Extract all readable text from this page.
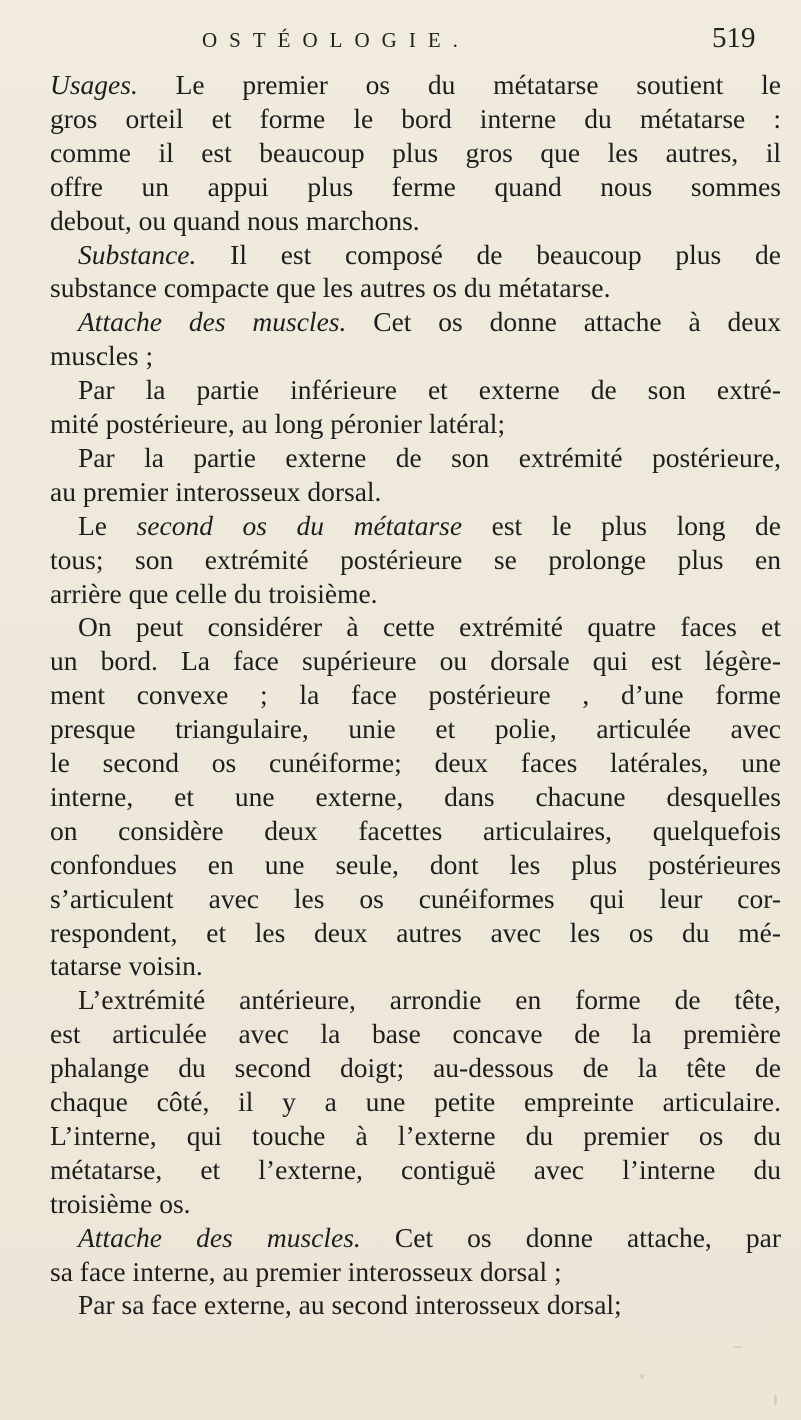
OSTÉOLOGIE.	519
Usages. Le premier os du métatarse soutient le
gros orteil et forme le bord interne du métatarse :
comme il est beaucoup plus gros que les autres, il
offre un appui plus ferme quand nous sommes
debout, ou quand nous marchons.
Substance. Il est composé de beaucoup plus de
substance compacte que les autres os du métatarse.
Attache des muscles. Cet os donne attache à deux
muscles ;
Par la partie inférieure et externe de son extré-
mité postérieure, au long péronier latéral;
Par la partie externe de son extrémité postérieure,
au premier interosseux dorsal.
Le second os du métatarse est le plus long de
tous; son extrémité postérieure se prolonge plus en
arrière que celle du troisième.
On peut considérer à cette extrémité quatre faces et
un bord. La face supérieure ou dorsale qui est légère-
ment convexe ; la face postérieure , d’une forme
presque triangulaire, unie et polie, articulée avec
le second os cunéiforme; deux faces latérales, une
interne, et une externe, dans chacune desquelles
on considère deux facettes articulaires, quelquefois
confondues en une seule, dont les plus postérieures
s’articulent avec les os cunéiformes qui leur cor-
respondent, et les deux autres avec les os du mé-
tatarse voisin.
L’extrémité antérieure, arrondie en forme de tête,
est articulée avec la base concave de la première
phalange du second doigt; au-dessous de la tête de
chaque côté, il y a une petite empreinte articulaire.
L’interne, qui touche à l’externe du premier os du
métatarse, et l’externe, contiguë avec l’interne du
troisième os.
Attache des muscles. Cet os donne attache, par
sa face interne, au premier interosseux dorsal ;
Par sa face externe, au second interosseux dorsal;
